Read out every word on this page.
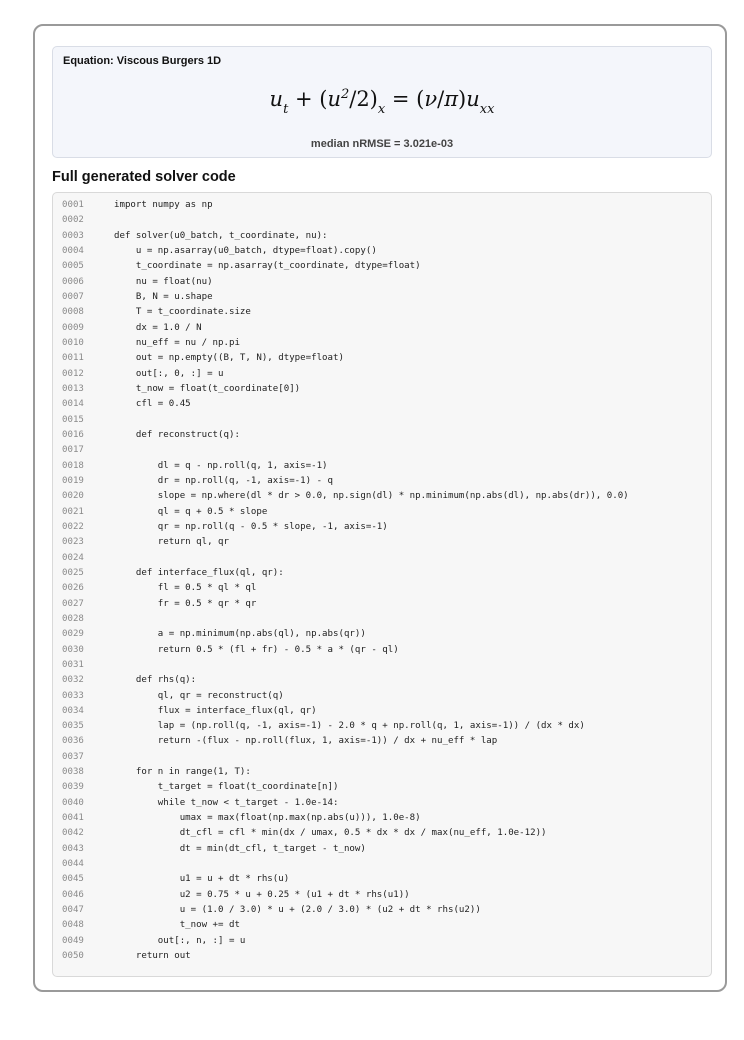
Equation: Viscous Burgers 1D
$u_t + (u^2/2)_x = (\nu/\pi)u_{xx}$
median nRMSE = 3.021e-03
Full generated solver code
0001	import numpy as np
0002
0003	def solver(u0_batch, t_coordinate, nu):
0004	u = np.asarray(u0_batch, dtype=float).copy()
0005	t_coordinate = np.asarray(t_coordinate, dtype=float)
0006	nu = float(nu)
0007	B, N = u.shape
0008	T = t_coordinate.size
0009	dx = 1.0 / N
0010	nu_eff = nu / np.pi
0011	out = np.empty((B, T, N), dtype=float)
0012	out[:, 0, :] = u
0013	t_now = float(t_coordinate[0])
0014	cfl = 0.45
0015
0016	def reconstruct(q):
0017
0018	dl = q - np.roll(q, 1, axis=-1)
0019	dr = np.roll(q, -1, axis=-1) - q
0020	slope = np.where(dl * dr > 0.0, np.sign(dl) * np.minimum(np.abs(dl), np.abs(dr)), 0.0)
0021	ql = q + 0.5 * slope
0022	qr = np.roll(q - 0.5 * slope, -1, axis=-1)
0023	return ql, qr
0024
0025	def interface_flux(ql, qr):
0026	fl = 0.5 * ql * ql
0027	fr = 0.5 * qr * qr
0028
0029	a = np.minimum(np.abs(ql), np.abs(qr))
0030	return 0.5 * (fl + fr) - 0.5 * a * (qr - ql)
0031
0032	def rhs(q):
0033	ql, qr = reconstruct(q)
0034	flux = interface_flux(ql, qr)
0035	lap = (np.roll(q, -1, axis=-1) - 2.0 * q + np.roll(q, 1, axis=-1)) / (dx * dx)
0036	return -(flux - np.roll(flux, 1, axis=-1)) / dx + nu_eff * lap
0037
0038	for n in range(1, T):
0039	t_target = float(t_coordinate[n])
0040	while t_now < t_target - 1.0e-14:
0041	umax = max(float(np.max(np.abs(u))), 1.0e-8)
0042	dt_cfl = cfl * min(dx / umax, 0.5 * dx * dx / max(nu_eff, 1.0e-12))
0043	dt = min(dt_cfl, t_target - t_now)
0044
0045	u1 = u + dt * rhs(u)
0046	u2 = 0.75 * u + 0.25 * (u1 + dt * rhs(u1))
0047	u = (1.0 / 3.0) * u + (2.0 / 3.0) * (u2 + dt * rhs(u2))
0048	t_now += dt
0049	out[:, n, :] = u
0050	return out
